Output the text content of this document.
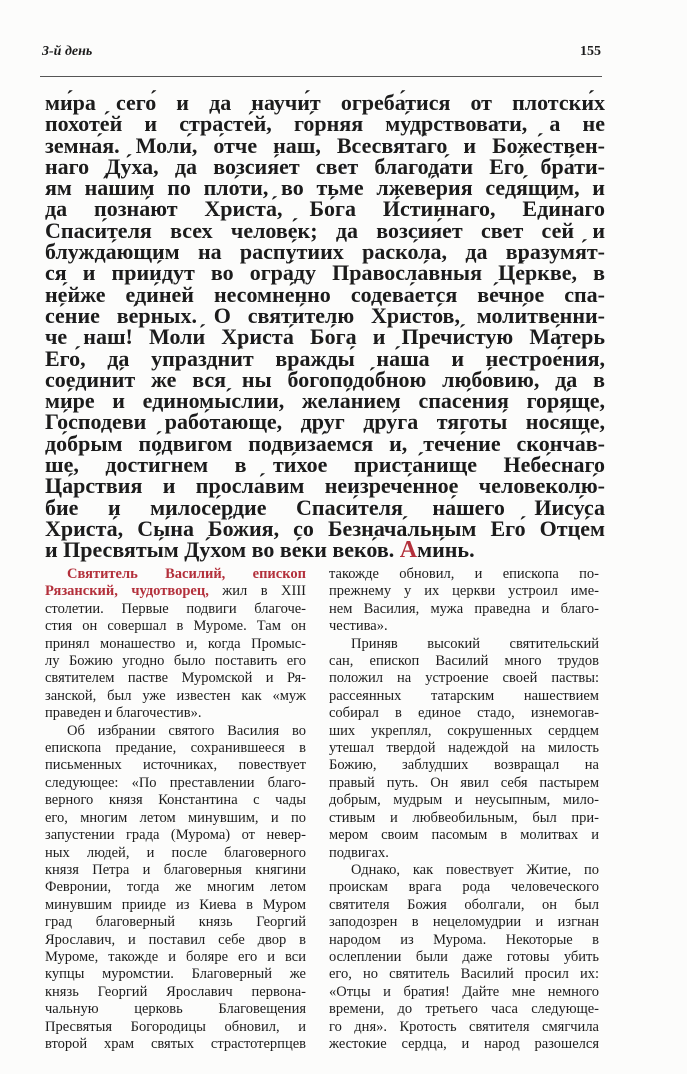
3-й день	155
ми́ра сего́ и да научи́т огреба́тися от плотски́х
похоте́й и страсте́й, го́рняя му́дрствовати, а не
земна́я. Моли́, о́тче наш, Всесвята́го и Боже́ствен-
наго Ду́ха, да возсия́ет свет благода́ти Его́ бра́ти-
ям на́шим по пло́ти, во тьме лжеве́рия седя́щим, и
да позна́ют Христа́, Бо́га И́стиннаго, Еди́наго
Спаси́теля всех челове́к; да возсия́ет свет сей и
блужда́ющим на распу́тиих раско́ла, да вразумя́т-
ся и прии́дут во огра́ду Правосла́вныя Це́ркве, в
не́йже еди́ней несомне́нно содева́ется ве́чное спа-
се́ние ве́рных. О святи́телю Христо́в, моли́твенни-
че наш! Моли́ Христа́ Бо́га и Пречи́стую Ма́терь
Его́, да упраздни́т вражды́ на́ша и нестрое́ния,
соедини́т же вся ны богоподо́бною любо́вию, да в
ми́ре и единомы́слии, жела́нием спасе́ния горя́ще,
Го́сподеви рабо́тающе, друг дру́га тяготы́ нося́ще,
до́брым по́двигом подвиза́емся и, тече́ние сконча́в-
ше, дости́гнем в ти́хое приста́нище Небе́снаго
Ца́рствия и просла́вим неизрече́нное человеколю́-
бие и милосе́рдие Спаси́теля на́шего Иису́са
Христа́, Сы́на Бо́жия, со Безнача́льным Его́ Отце́м
и Пресвяты́м Ду́хом во ве́ки веко́в. Ами́нь.
Святитель Василий, епископ
Рязанский, чудотворец, жил в XIII
столетии. Первые подвиги благоче-
стия он совершал в Муроме. Там он
принял монашество и, когда Промыс-
лу Божию угодно было поставить его
святителем пастве Муромской и Ря-
занской, был уже известен как «муж
праведен и благочестив».
Об избрании святого Василия во
епископа предание, сохранившееся в
письменных источниках, повествует
следующее: «По преставлении благо-
верного князя Константина с чады
его, многим летом минувшим, и по
запустении града (Мурома) от невер-
ных людей, и после благоверного
князя Петра и благоверныя княгини
Февронии, тогда же многим летом
минувшим прииде из Киева в Муром
град благоверный князь Георгий
Ярославич, и поставил себе двор в
Муроме, такожде и боляре его и вси
купцы муромстии. Благоверный же
князь Георгий Ярославич первона-
чальную церковь Благовещения
Пресвятыя Богородицы обновил, и
второй храм святых страстотерпцев
такожде обновил, и епископа по-
прежнему у их церкви устроил име-
нем Василия, мужа праведна и благо-
честива».
Приняв высокий святительский
сан, епископ Василий много трудов
положил на устроение своей паствы:
рассеянных татарским нашествием
собирал в единое стадо, изнемогав-
ших укреплял, сокрушенных сердцем
утешал твердой надеждой на милость
Божию, заблудших возвращал на
правый путь. Он явил себя пастырем
добрым, мудрым и неусыпным, мило-
стивым и любвеобильным, был при-
мером своим пасомым в молитвах и
подвигах.
Однако, как повествует Житие, по
проискам врага рода человеческого
святителя Божия оболгали, он был
заподозрен в нецеломудрии и изгнан
народом из Мурома. Некоторые в
ослеплении были даже готовы убить
его, но святитель Василий просил их:
«Отцы и братия! Дайте мне немного
времени, до третьего часа следующе-
го дня». Кротость святителя смягчила
жестокие сердца, и народ разошелся
